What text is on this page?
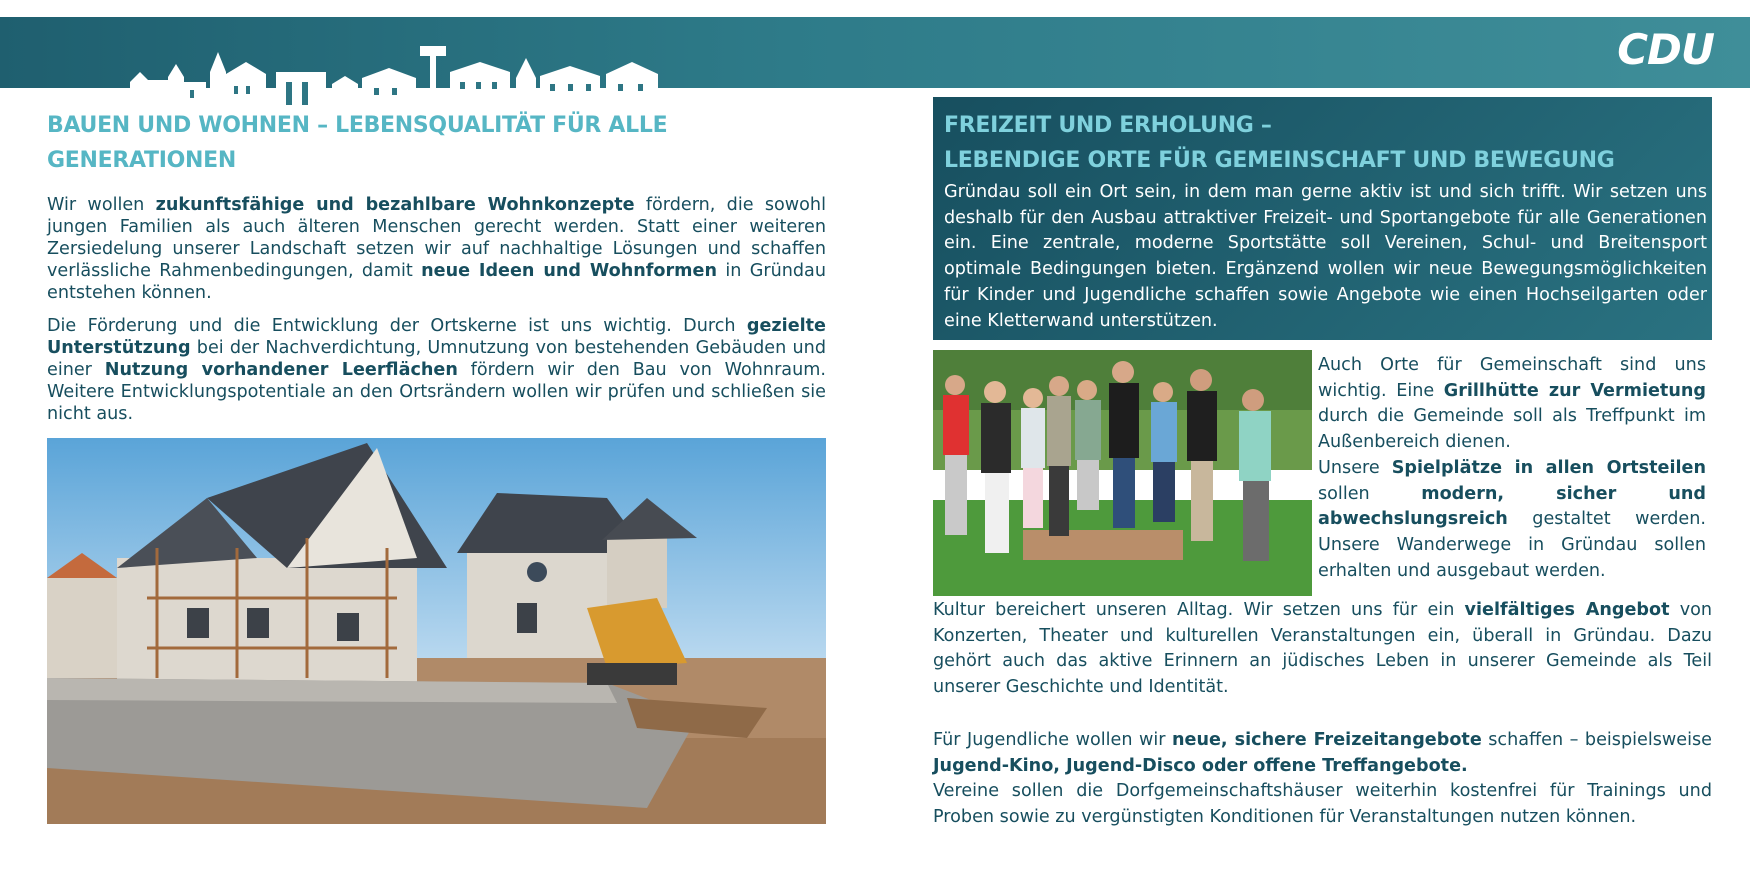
CDU
BAUEN UND WOHNEN – LEBENSQUALITÄT FÜR ALLE
GENERATIONEN

Wir wollen zukunftsfähige und bezahlbare Wohnkonzepte fördern, die sowohl jungen Familien als auch älteren Menschen gerecht werden. Statt einer weiteren Zersiedelung unserer Landschaft setzen wir auf nachhaltige Lösungen und schaffen verlässliche Rahmenbedingungen, damit neue Ideen und Wohnformen in Gründau entstehen können.

Die Förderung und die Entwicklung der Ortskerne ist uns wichtig. Durch gezielte Unterstützung bei der Nachverdichtung, Umnutzung von bestehenden Gebäuden und einer Nutzung vorhandener Leerflächen fördern wir den Bau von Wohnraum. Weitere Entwicklungspotentiale an den Ortsrändern wollen wir prüfen und schließen sie nicht aus.

FREIZEIT UND ERHOLUNG –
LEBENDIGE ORTE FÜR GEMEINSCHAFT UND BEWEGUNG

Gründau soll ein Ort sein, in dem man gerne aktiv ist und sich trifft. Wir setzen uns deshalb für den Ausbau attraktiver Freizeit- und Sportangebote für alle Generationen ein. Eine zentrale, moderne Sportstätte soll Vereinen, Schul- und Breitensport optimale Bedingungen bieten. Ergänzend wollen wir neue Bewegungsmöglichkeiten für Kinder und Jugendliche schaffen sowie Angebote wie einen Hochseilgarten oder eine Kletterwand unterstützen.

Auch Orte für Gemeinschaft sind uns wichtig. Eine Grillhütte zur Vermietung durch die Gemeinde soll als Treffpunkt im Außenbereich dienen.
Unsere Spielplätze in allen Ortsteilen sollen modern, sicher und abwechslungsreich gestaltet werden. Unsere Wanderwege in Gründau sollen erhalten und ausgebaut werden.

Kultur bereichert unseren Alltag. Wir setzen uns für ein vielfältiges Angebot von Konzerten, Theater und kulturellen Veranstaltungen ein, überall in Gründau. Dazu gehört auch das aktive Erinnern an jüdisches Leben in unserer Gemeinde als Teil unserer Geschichte und Identität.

Für Jugendliche wollen wir neue, sichere Freizeitangebote schaffen – beispielsweise Jugend-Kino, Jugend-Disco oder offene Treffangebote.
Vereine sollen die Dorfgemeinschaftshäuser weiterhin kostenfrei für Trainings und Proben sowie zu vergünstigten Konditionen für Veranstaltungen nutzen können.
